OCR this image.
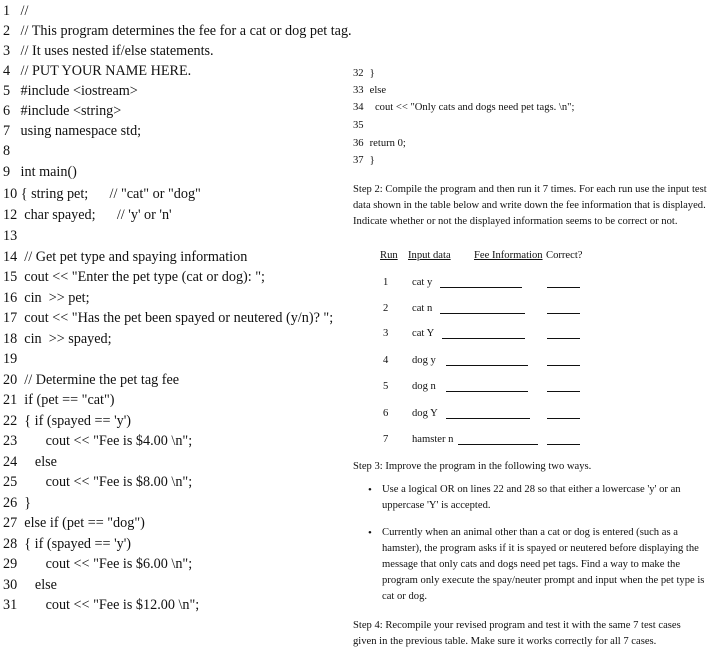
1 //
2 // This program determines the fee for a cat or dog pet tag.
3 // It uses nested if/else statements.
4 // PUT YOUR NAME HERE.
5 #include <iostream>
6 #include <string>
7 using namespace std;
8
9 int main()
10 { string pet;      // "cat" or "dog"
12 char spayed;      // 'y' or 'n'
13
14 // Get pet type and spaying information
15 cout << "Enter the pet type (cat or dog): ";
16 cin  >> pet;
17 cout << "Has the pet been spayed or neutered (y/n)? ";
18 cin  >> spayed;
19
20 // Determine the pet tag fee
21 if (pet == "cat")
22 { if (spayed == 'y')
23        cout << "Fee is $4.00 \n";
24     else
25        cout << "Fee is $8.00 \n";
26 }
27 else if (pet == "dog")
28 { if (spayed == 'y')
29        cout << "Fee is $6.00 \n";
30     else
31        cout << "Fee is $12.00 \n";
32 }
33 else
34   cout << "Only cats and dogs need pet tags. \n";
35
36 return 0;
37 }

Step 2: Compile the program and then run it 7 times. For each run use the input test data shown in the table below and write down the fee information that is displayed. Indicate whether or not the displayed information seems to be correct or not.

Run Input data Fee Information Correct?
1 cat y
2 cat n
3 cat Y
4 dog y
5 dog n
6 dog Y
7 hamster n

Step 3: Improve the program in the following two ways.

• Use a logical OR on lines 22 and 28 so that either a lowercase 'y' or an uppercase 'Y' is accepted.

• Currently when an animal other than a cat or dog is entered (such as a hamster), the program asks if it is spayed or neutered before displaying the message that only cats and dogs need pet tags. Find a way to make the program only execute the spay/neuter prompt and input when the pet type is cat or dog.

Step 4: Recompile your revised program and test it with the same 7 test cases given in the previous table. Make sure it works correctly for all 7 cases.
